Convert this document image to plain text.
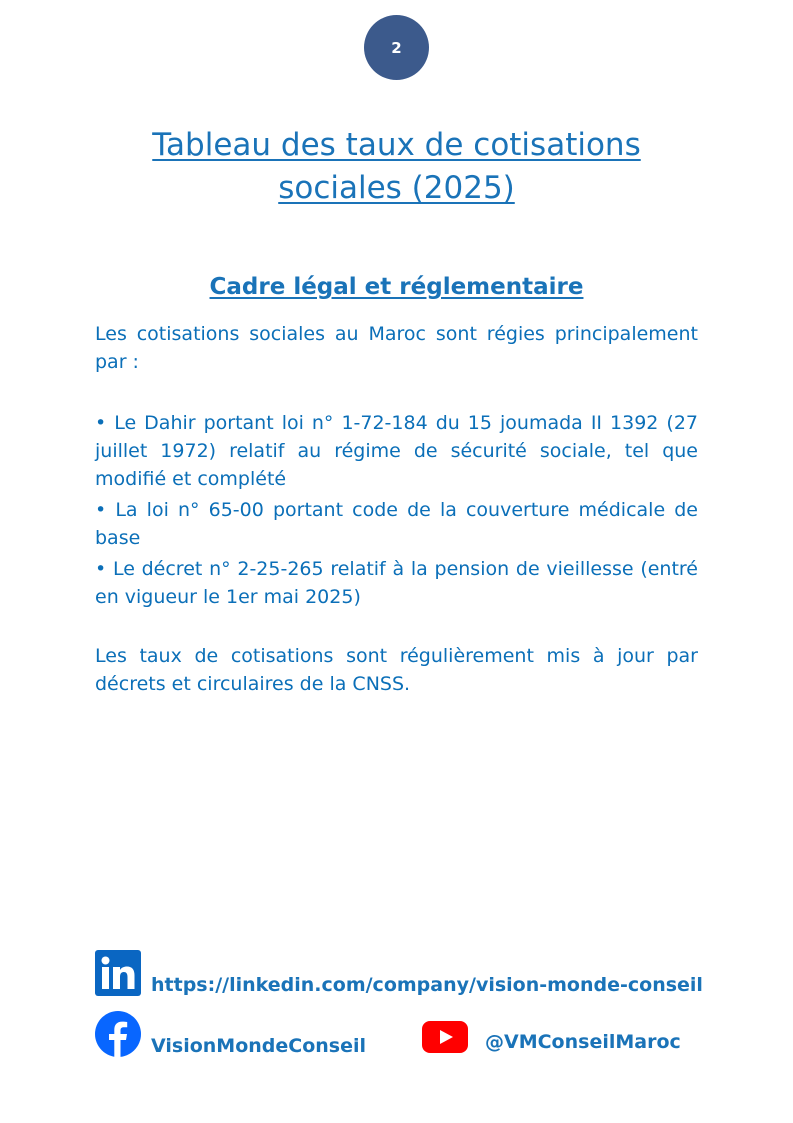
2
Tableau des taux de cotisations sociales (2025)
Cadre légal et réglementaire

Les cotisations sociales au Maroc sont régies principalement par :

• Le Dahir portant loi n° 1-72-184 du 15 joumada II 1392 (27 juillet 1972) relatif au régime de sécurité sociale, tel que modifié et complété

• La loi n° 65-00 portant code de la couverture médicale de base

• Le décret n° 2-25-265 relatif à la pension de vieillesse (entré en vigueur le 1er mai 2025)

Les taux de cotisations sont régulièrement mis à jour par décrets et circulaires de la CNSS.

https://linkedin.com/company/vision-monde-conseil
VisionMondeConseil	@VMConseilMaroc
